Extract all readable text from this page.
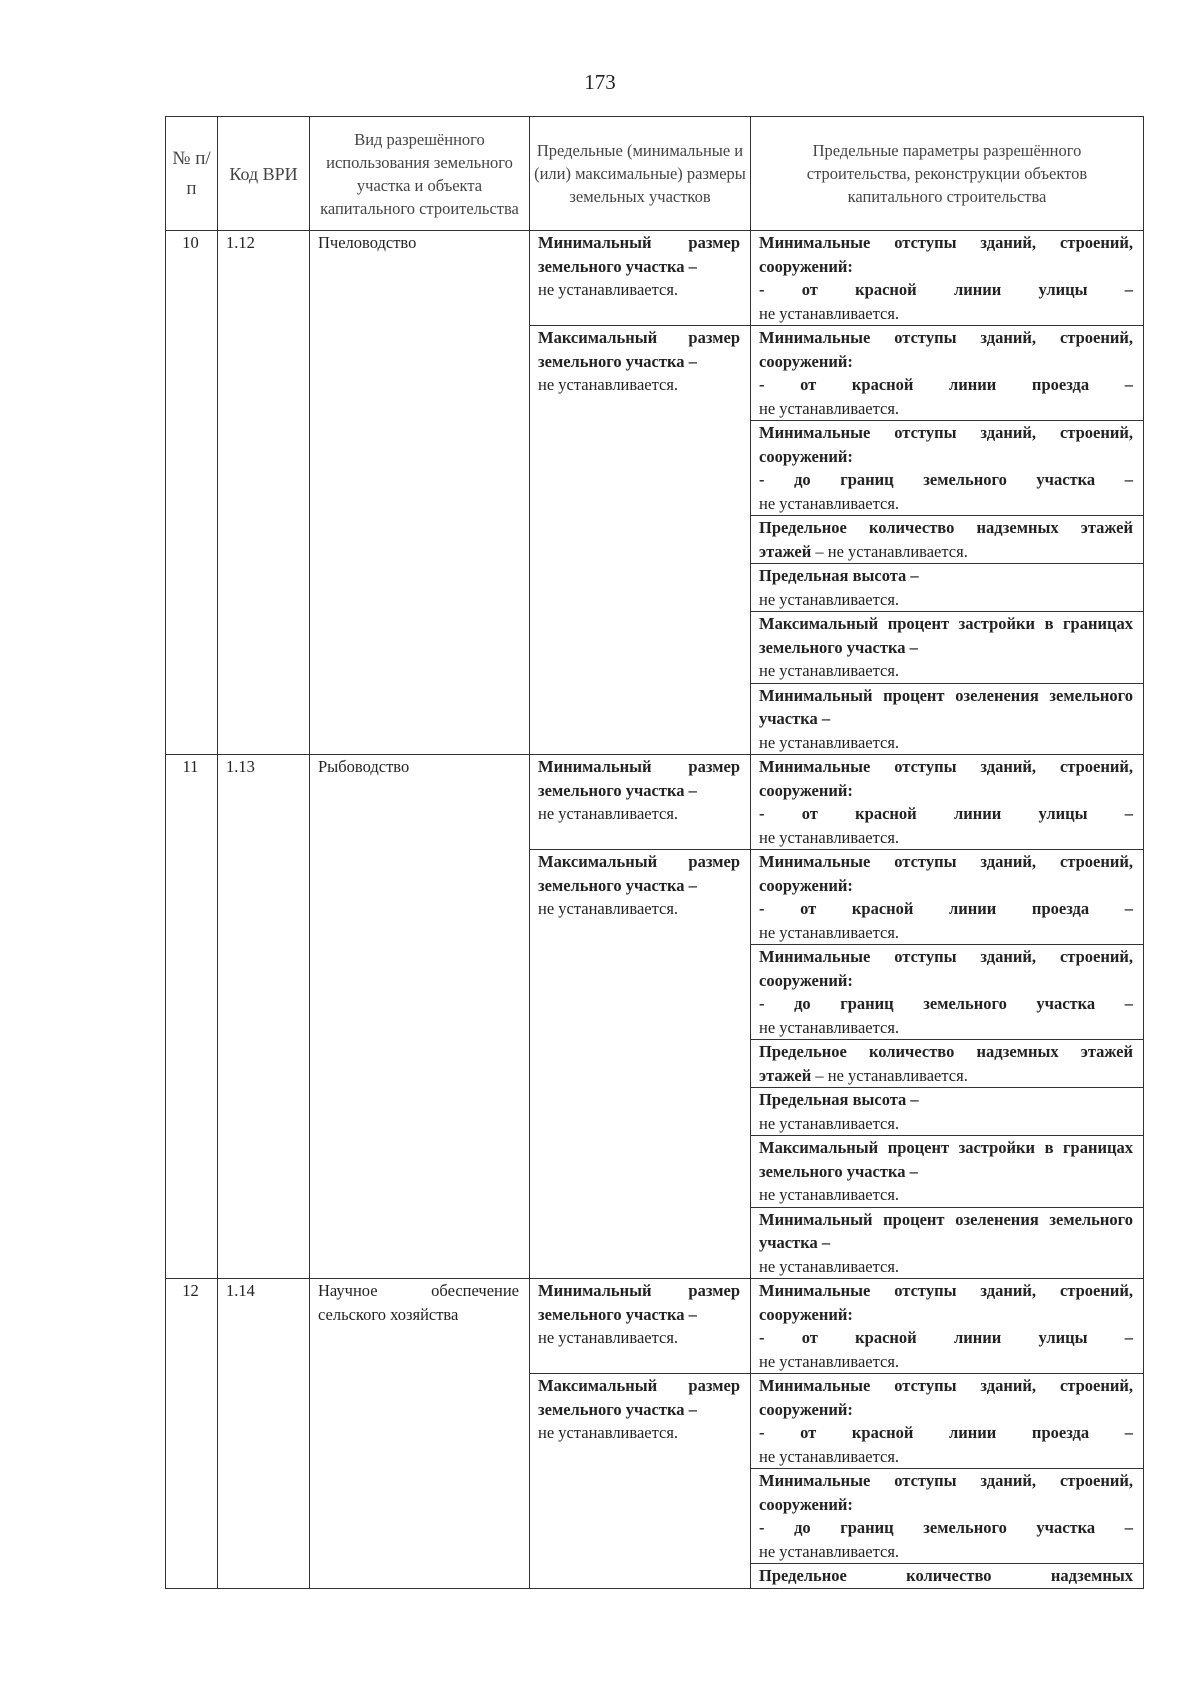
173
№ п/п	Код ВРИ	Вид разрешённого использования земельного участка и объекта капитального строительства	Предельные (минимальные и (или) максимальные) размеры земельных участков	Предельные параметры разрешённого строительства, реконструкции объектов капитального строительства
10	1.12	Пчеловодство	Минимальный размер земельного участка –
не устанавливается.	Минимальные отступы зданий, строений, сооружений:
- от красной линии улицы –
не устанавливается.

			Максимальный размер земельного участка –
не устанавливается.	Минимальные отступы зданий, строений, сооружений:
- от красной линии проезда –
не устанавливается.

				Минимальные отступы зданий, строений, сооружений:
- до границ земельного участка –
не устанавливается.

				Предельное количество надземных этажей этажей – не устанавливается.
				Предельная высота –
не устанавливается.

				Максимальный процент застройки в границах земельного участка –
не устанавливается.

				Минимальный процент озеленения земельного участка –
не устанавливается.

11	1.13	Рыбоводство	Минимальный размер земельного участка –
не устанавливается.	Минимальные отступы зданий, строений, сооружений:
- от красной линии улицы –
не устанавливается.

			Максимальный размер земельного участка –
не устанавливается.	Минимальные отступы зданий, строений, сооружений:
- от красной линии проезда –
не устанавливается.

				Минимальные отступы зданий, строений, сооружений:
- до границ земельного участка –
не устанавливается.

				Предельное количество надземных этажей этажей – не устанавливается.
				Предельная высота –
не устанавливается.

				Максимальный процент застройки в границах земельного участка –
не устанавливается.

				Минимальный процент озеленения земельного участка –
не устанавливается.

12	1.14	Научное обеспечение сельского хозяйства	Минимальный размер земельного участка –
не устанавливается.	Минимальные отступы зданий, строений, сооружений:
- от красной линии улицы –
не устанавливается.

			Максимальный размер земельного участка –
не устанавливается.	Минимальные отступы зданий, строений, сооружений:
- от красной линии проезда –
не устанавливается.

				Минимальные отступы зданий, строений, сооружений:
- до границ земельного участка –
не устанавливается.

				Предельное количество надземных
